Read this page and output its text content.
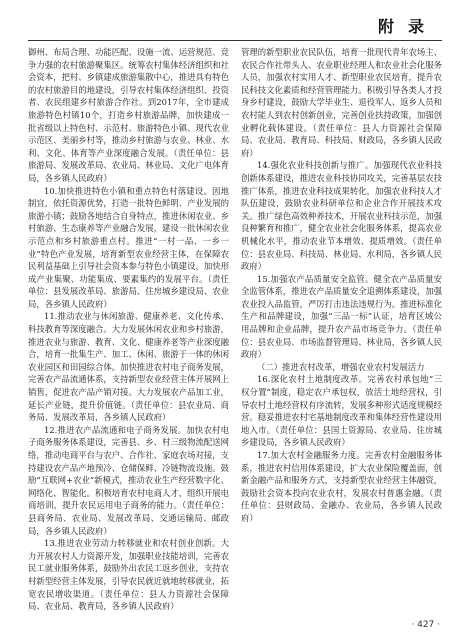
附录

御州、布局合理、功能匹配、设施一流、运营规范、竞争力强的农村旅游聚集区。统筹农村集体经济组织和社会资本，把村、乡镇建成旅游集散中心，推进具有特色的农村旅游目的地建设，引导农村集体经济组织、投资者、农民组建乡村旅游合作社。到2017年，全市建成旅游特色村镇10个，打造乡村旅游品牌，加快建成一批省级以上特色村、示范村、旅游特色小镇、现代农业示范区、美丽乡村等，推动乡村旅游与农业、林业、水利、文化、体育等产业深度融合发展。（责任单位：县旅游局、发展改革局、农业局、林业局、文化广电体育局，各乡镇人民政府）

10.加快推进特色小镇和重点特色村落建设。因地制宜，依托资源优势，打造一批特色鲜明、产业发展的旅游小镇；鼓励各地结合自身特点，推进休闲农业、乡村旅游、生态康养等产业融合发展，建设一批休闲农业示范点和乡村旅游重点村。推进“一村一品、一乡一业”特色产业发展，培育新型农业经营主体，在保障农民利益基础上引导社会资本参与特色小镇建设，加快形成产业集聚、功能集成、要素集约的发展平台。（责任单位：县发展改革局、旅游局、住房城乡建设局、农业局，各乡镇人民政府）

11.推动农业与休闲旅游、健康养老、文化传承、科技教育等深度融合。大力发展休闲农业和乡村旅游，推进农业与旅游、教育、文化、健康养老等产业深度融合，培育一批集生产、加工、休闲、旅游于一体的休闲农业园区和田园综合体。加快推进农村电子商务发展，完善农产品流通体系，支持新型农业经营主体开展网上销售，促进农产品产销对接。大力发展农产品加工业，延长产业链，提升价值链。（责任单位：县农业局、商务局、发展改革局，各乡镇人民政府）

12.推进农产品流通和电子商务发展。加快农村电子商务服务体系建设，完善县、乡、村三级物流配送网络，推动电商平台与农户、合作社、家庭农场对接，支持建设农产品产地预冷、仓储保鲜、冷链物流设施。鼓励“互联网+农业”新模式，推动农业生产经营数字化、网络化、智能化。积极培育农村电商人才，组织开展电商培训，提升农民运用电子商务的能力。（责任单位：县商务局、农业局、发展改革局、交通运输局、邮政局，各乡镇人民政府）

13.推进农业劳动力转移就业和农村创业创新。大力开展农村人力资源开发，加强职业技能培训，完善农民工就业服务体系，鼓励外出农民工返乡创业，支持农村新型经营主体发展，引导农民就近就地转移就业，拓宽农民增收渠道。（责任单位：县人力资源社会保障局、农业局、教育局，各乡镇人民政府）

管理的新型职业农民队伍，培育一批现代青年农场主、农民合作社带头人、农业职业经理人和农业社会化服务人员，加强农村实用人才、新型职业农民培育，提升农民科技文化素质和经营管理能力。积极引导各类人才投身乡村建设，鼓励大学毕业生、退役军人、返乡人员和农村能人到农村创新创业，完善创业扶持政策，加强创业孵化载体建设。（责任单位：县人力资源社会保障局、农业局、教育局、科技局、财政局，各乡镇人民政府）

14.强化农业科技创新与推广。加强现代农业科技创新体系建设，推进农业科技协同攻关，完善基层农技推广体系，推进农业科技成果转化，加强农业科技人才队伍建设，鼓励农业科研单位和企业合作开展技术攻关。推广绿色高效种养技术，开展农业科技示范，加强良种繁育和推广，健全农业社会化服务体系，提高农业机械化水平，推动农业节本增效、提质增效。（责任单位：县农业局、科技局、林业局、水利局，各乡镇人民政府）

15.加强农产品质量安全监管。健全农产品质量安全监管体系，推进农产品质量安全追溯体系建设，加强农业投入品监管，严厉打击违法违规行为。推进标准化生产和品牌建设，加强“三品一标”认证，培育区域公用品牌和企业品牌，提升农产品市场竞争力。（责任单位：县农业局、市场监督管理局、林业局，各乡镇人民政府）

（二）推进农村改革，增强农业农村发展活力

16.深化农村土地制度改革。完善农村承包地“三权分置”制度，稳定农户承包权，放活土地经营权，引导农村土地经营权有序流转，发展多种形式适度规模经营。稳妥推进农村宅基地制度改革和集体经营性建设用地入市。（责任单位：县国土资源局、农业局、住房城乡建设局，各乡镇人民政府）

17.加大农村金融服务力度。完善农村金融服务体系，推进农村信用体系建设，扩大农业保险覆盖面，创新金融产品和服务方式，支持新型农业经营主体融资，鼓励社会资本投向农业农村，发展农村普惠金融。（责任单位：县财政局、金融办、农业局，各乡镇人民政府）

· 427 ·
